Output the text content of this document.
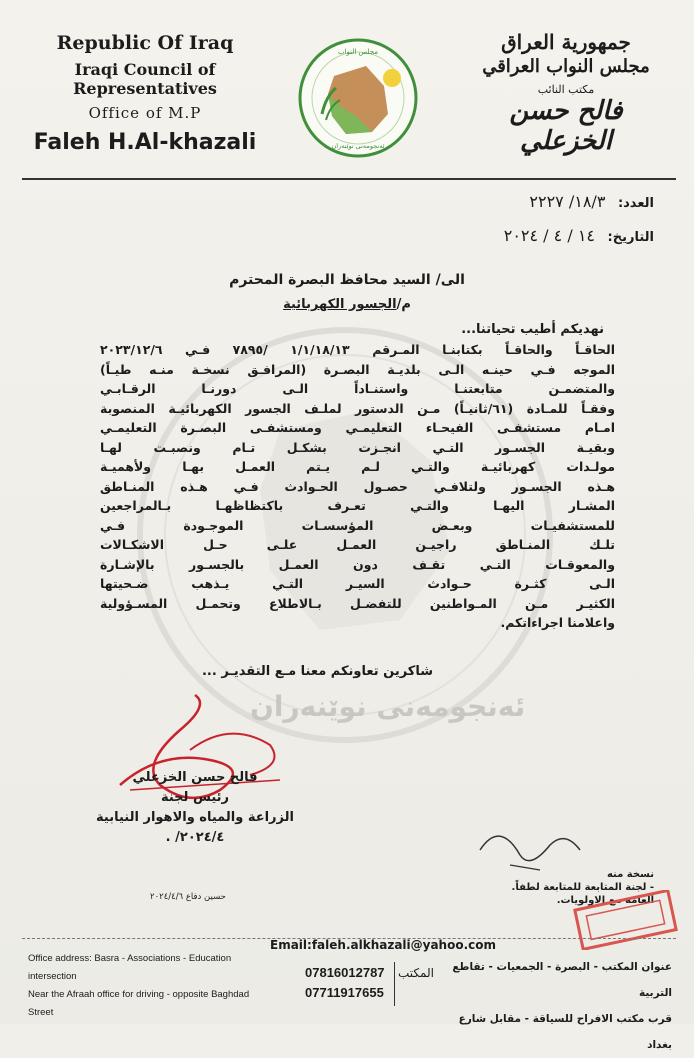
ئەنجومەنی نوێنەران
Republic Of Iraq
Iraqi Council of Representatives
Office of M.P
Faleh H.Al-khazali
مجلس النواب
ئەنجومەنی نوێنەران
جمهورية العراق
مجلس النواب العراقي
مكتب النائب
فالح حسن الخزعلي
العدد: ١٨/٣/ ٢٢٢٧
التاريخ: ١٤ / ٤ / ٢٠٢٤
الى/ السيد محافظ البصرة المحترم
م/الجسور الكهربائية
نهديكم أطيب تحياتنا...
الحاقـاً والحاقـاً بكتابنـا المـرقم ١/١/١٨/١٣ /٧٨٩٥ فـي ٢٠٢٣/١٢/٦
الموجه فـي حينـه الـى بلديـة البصـرة (المرافـق نسخـة منـه طيـاً)
والمتضمـن متابعتنـا واستنـاداً الـى دورنـا الرقـابـي
وفقـاً للمـادة (٦١/ثانيـاً) مـن الدستور لملـف الجسور الكهربائيـة المنصوبة
امـام مستشفـى الفيحـاء التعليمـي ومستشفـى البصـرة التعليمـي
وبقيـة الجسـور التـي انجـزت بشكـل تـام ونصبـت لهـا
مولـدات كهربائيـة والتـي لـم يـتم العمـل بهـا ولأهميـة
هـذه الجسـور ولتلافـي حصـول الحـوادث فـي هـذه المنـاطق
المشـار اليهـا والتـي تعـرف باكتظاظهـا بـالمراجعين
للمستشفيـات وبعـض المؤسسـات الموجـودة فـي
تلـك المنـاطق راجيـن العمـل علـى حـل الاشكـالات
والمعوقـات التـي تقـف دون العمـل بالجسـور بالإشـارة
الـى كثـرة حـوادث السيـر التـي يـذهب ضـحيتها
الكثيـر مـن المـواطنين للتفضـل بـالاطلاع وتحمـل المسـؤولية
واعلامنا اجراءاتكم.
شاكرين تعاونكم معنا مـع التقديـر ...
فالح حسن الخزعلي
رئيس لجنة
الزراعة والمياه والاهوار النيابية
٢٠٢٤/٤/ .
نسخة منه
- لجنة المتابعة للمتابعة لطفاً.
العامة مع الاولويات.
حسين دفاع ٢٠٢٤/٤/٦
Email:faleh.alkhazali@yahoo.com
Office address: Basra - Associations - Education intersection
Near the Afraah office for driving - opposite Baghdad Street
07816012787
07711917655
المكتب	عنوان المكتب - البصرة - الجمعيات - تقاطع التربية
قرب مكتب الافراح للسياقة - مقابل شارع بغداد
